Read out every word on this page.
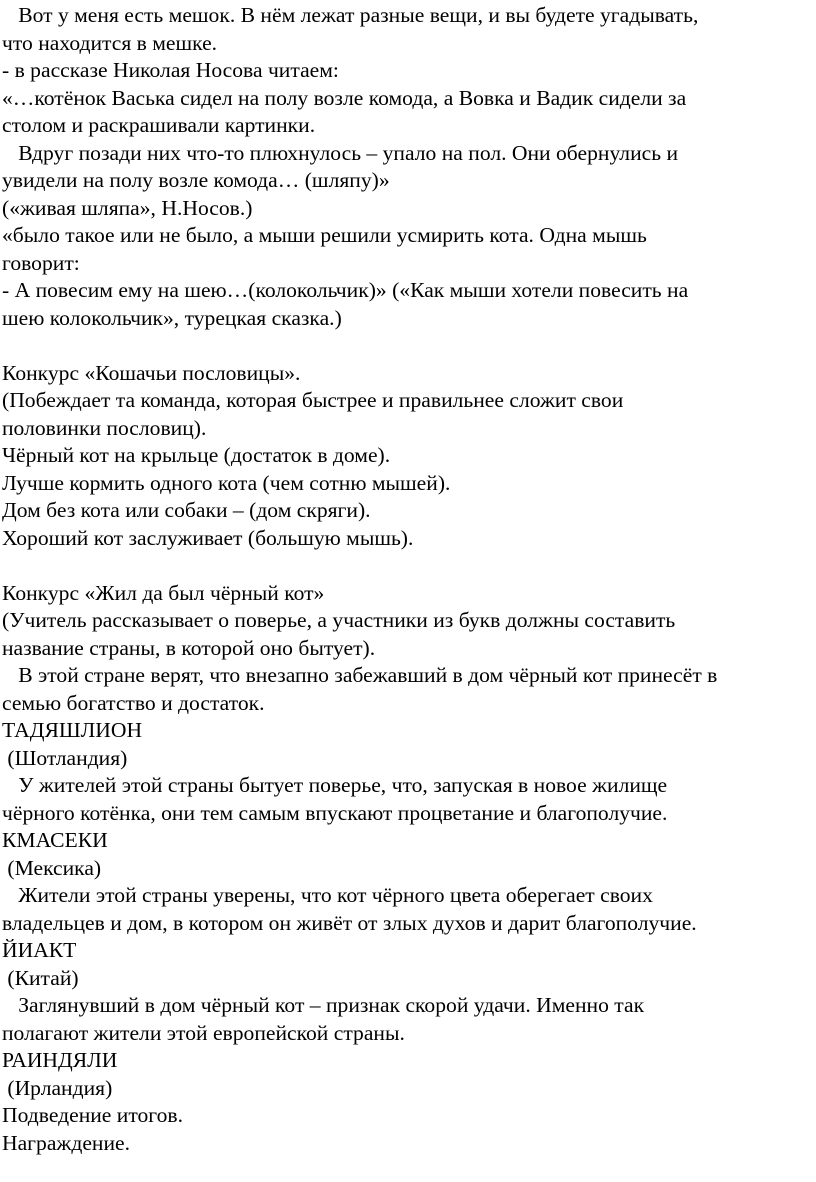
Вот у меня есть мешок. В нём лежат разные вещи, и вы будете угадывать,
что находится в мешке.
- в рассказе Николая Носова читаем:
«…котёнок Васька сидел на полу возле комода, а Вовка и Вадик сидели за
столом и раскрашивали картинки.
Вдруг позади них что-то плюхнулось – упало на пол. Они обернулись и
увидели на полу возле комода… (шляпу)»
(«живая шляпа», Н.Носов.)
«было такое или не было, а мыши решили усмирить кота. Одна мышь
говорит:
- А повесим ему на шею…(колокольчик)» («Как мыши хотели повесить на
шею колокольчик», турецкая сказка.)
Конкурс «Кошачьи пословицы».
(Побеждает та команда, которая быстрее и правильнее сложит свои
половинки пословиц).
Чёрный кот на крыльце (достаток в доме).
Лучше кормить одного кота (чем сотню мышей).
Дом без кота или собаки – (дом скряги).
Хороший кот заслуживает (большую мышь).
Конкурс «Жил да был чёрный кот»
(Учитель рассказывает о поверье, а участники из букв должны составить
название страны, в которой оно бытует).
В этой стране верят, что внезапно забежавший в дом чёрный кот принесёт в
семью богатство и достаток.
ТАДЯШЛИОН
(Шотландия)
У жителей этой страны бытует поверье, что, запуская в новое жилище
чёрного котёнка, они тем самым впускают процветание и благополучие.
КМАСЕКИ
(Мексика)
Жители этой страны уверены, что кот чёрного цвета оберегает своих
владельцев и дом, в котором он живёт от злых духов и дарит благополучие.
ЙИАКТ
(Китай)
Заглянувший в дом чёрный кот – признак скорой удачи. Именно так
полагают жители этой европейской страны.
РАИНДЯЛИ
(Ирландия)
Подведение итогов.
Награждение.
